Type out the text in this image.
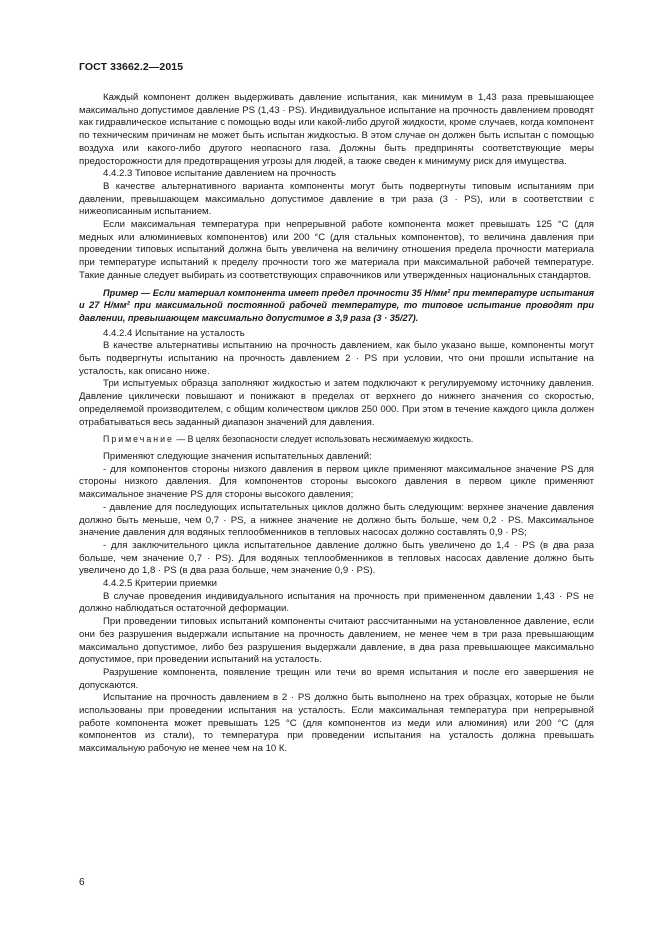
ГОСТ 33662.2—2015

Каждый компонент должен выдерживать давление испытания, как минимум в 1,43 раза превышающее максимально допустимое давление PS (1,43 · PS). Индивидуальное испытание на прочность давлением проводят как гидравлическое испытание с помощью воды или какой-либо другой жидкости, кроме случаев, когда компонент по техническим причинам не может быть испытан жидкостью. В этом случае он должен быть испытан с помощью воздуха или какого-либо другого неопасного газа. Должны быть предприняты соответствующие меры предосторожности для предотвращения угрозы для людей, а также сведен к минимуму риск для имущества.

4.4.2.3 Типовое испытание давлением на прочность

В качестве альтернативного варианта компоненты могут быть подвергнуты типовым испытаниям при давлении, превышающем максимально допустимое давление в три раза (3 · PS), или в соответствии с нижеописанным испытанием.

Если максимальная температура при непрерывной работе компонента может превышать 125 °C (для медных или алюминиевых компонентов) или 200 °C (для стальных компонентов), то величина давления при проведении типовых испытаний должна быть увеличена на величину отношения предела прочности материала при температуре испытаний к пределу прочности того же материала при максимальной рабочей температуре. Такие данные следует выбирать из соответствующих справочников или утвержденных национальных стандартов.

Пример — Если материал компонента имеет предел прочности 35 Н/мм² при температуре испытания и 27 Н/мм² при максимальной постоянной рабочей температуре, то типовое испытание проводят при давлении, превышающем максимально допустимое в 3,9 раза (3 · 35/27).

4.4.2.4 Испытание на усталость

В качестве альтернативы испытанию на прочность давлением, как было указано выше, компоненты могут быть подвергнуты испытанию на прочность давлением 2 · PS при условии, что они прошли испытание на усталость, как описано ниже.

Три испытуемых образца заполняют жидкостью и затем подключают к регулируемому источнику давления. Давление циклически повышают и понижают в пределах от верхнего до нижнего значения со скоростью, определяемой производителем, с общим количеством циклов 250 000. При этом в течение каждого цикла должен отрабатываться весь заданный диапазон значений для давления.

Примечание — В целях безопасности следует использовать несжимаемую жидкость.

Применяют следующие значения испытательных давлений:

- для компонентов стороны низкого давления в первом цикле применяют максимальное значение PS для стороны низкого давления. Для компонентов стороны высокого давления в первом цикле применяют максимальное значение PS для стороны высокого давления;

- давление для последующих испытательных циклов должно быть следующим: верхнее значение давления должно быть меньше, чем 0,7 · PS, а нижнее значение не должно быть больше, чем 0,2 · PS. Максимальное значение давления для водяных теплообменников в тепловых насосах должно составлять 0,9 · PS;

- для заключительного цикла испытательное давление должно быть увеличено до 1,4 · PS (в два раза больше, чем значение 0,7 · PS). Для водяных теплообменников в тепловых насосах давление должно быть увеличено до 1,8 · PS (в два раза больше, чем значение 0,9 · PS).

4.4.2.5 Критерии приемки

В случае проведения индивидуального испытания на прочность при примененном давлении 1,43 · PS не должно наблюдаться остаточной деформации.

При проведении типовых испытаний компоненты считают рассчитанными на установленное давление, если они без разрушения выдержали испытание на прочность давлением, не менее чем в три раза превышающим максимально допустимое, либо без разрушения выдержали давление, в два раза превышающее максимально допустимое, при проведении испытаний на усталость.

Разрушение компонента, появление трещин или течи во время испытания и после его завершения не допускаются.

Испытание на прочность давлением в 2 · PS должно быть выполнено на трех образцах, которые не были использованы при проведении испытания на усталость. Если максимальная температура при непрерывной работе компонента может превышать 125 °C (для компонентов из меди или алюминия) или 200 °C (для компонентов из стали), то температура при проведении испытания на усталость должна превышать максимальную рабочую не менее чем на 10 К.

6
